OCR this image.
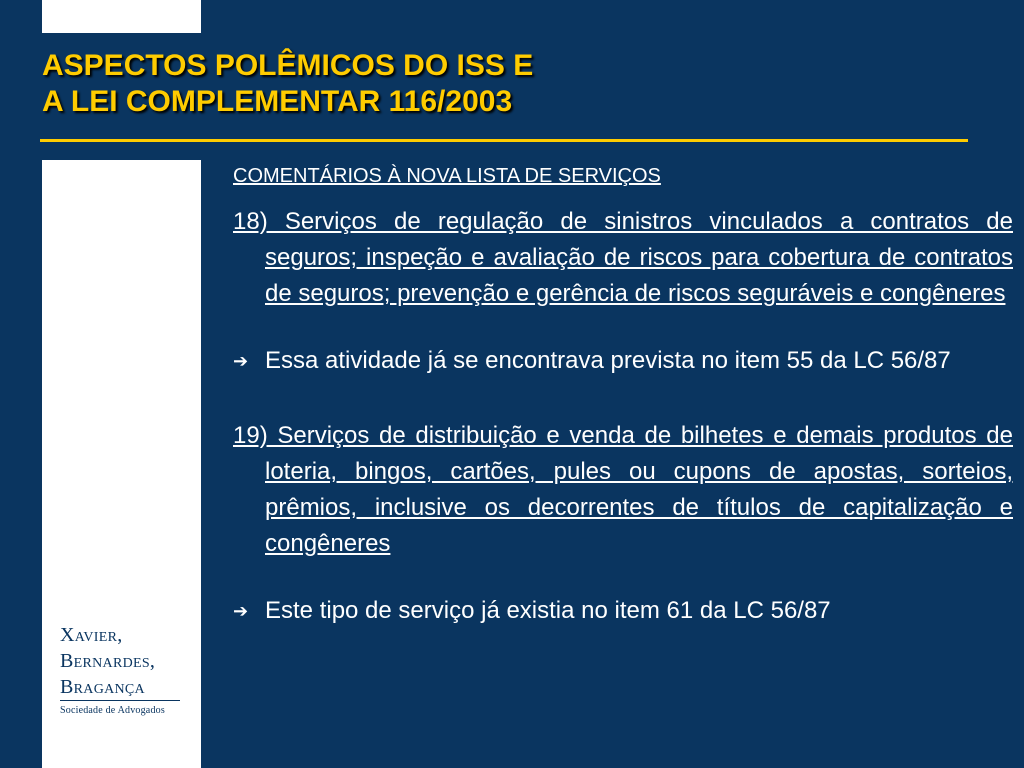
ASPECTOS POLÊMICOS DO ISS E
A LEI COMPLEMENTAR 116/2003
Xavier,
Bernardes,
Bragança
Sociedade de Advogados

COMENTÁRIOS À NOVA LISTA DE SERVIÇOS

18) Serviços de regulação de sinistros vinculados a contratos de seguros; inspeção e avaliação de riscos para cobertura de contratos de seguros; prevenção e gerência de riscos seguráveis e congêneres

➔ Essa atividade já se encontrava prevista no item 55 da LC 56/87

19) Serviços de distribuição e venda de bilhetes e demais produtos de loteria, bingos, cartões, pules ou cupons de apostas, sorteios, prêmios, inclusive os decorrentes de títulos de capitalização e congêneres

➔ Este tipo de serviço já existia no item 61 da LC 56/87
